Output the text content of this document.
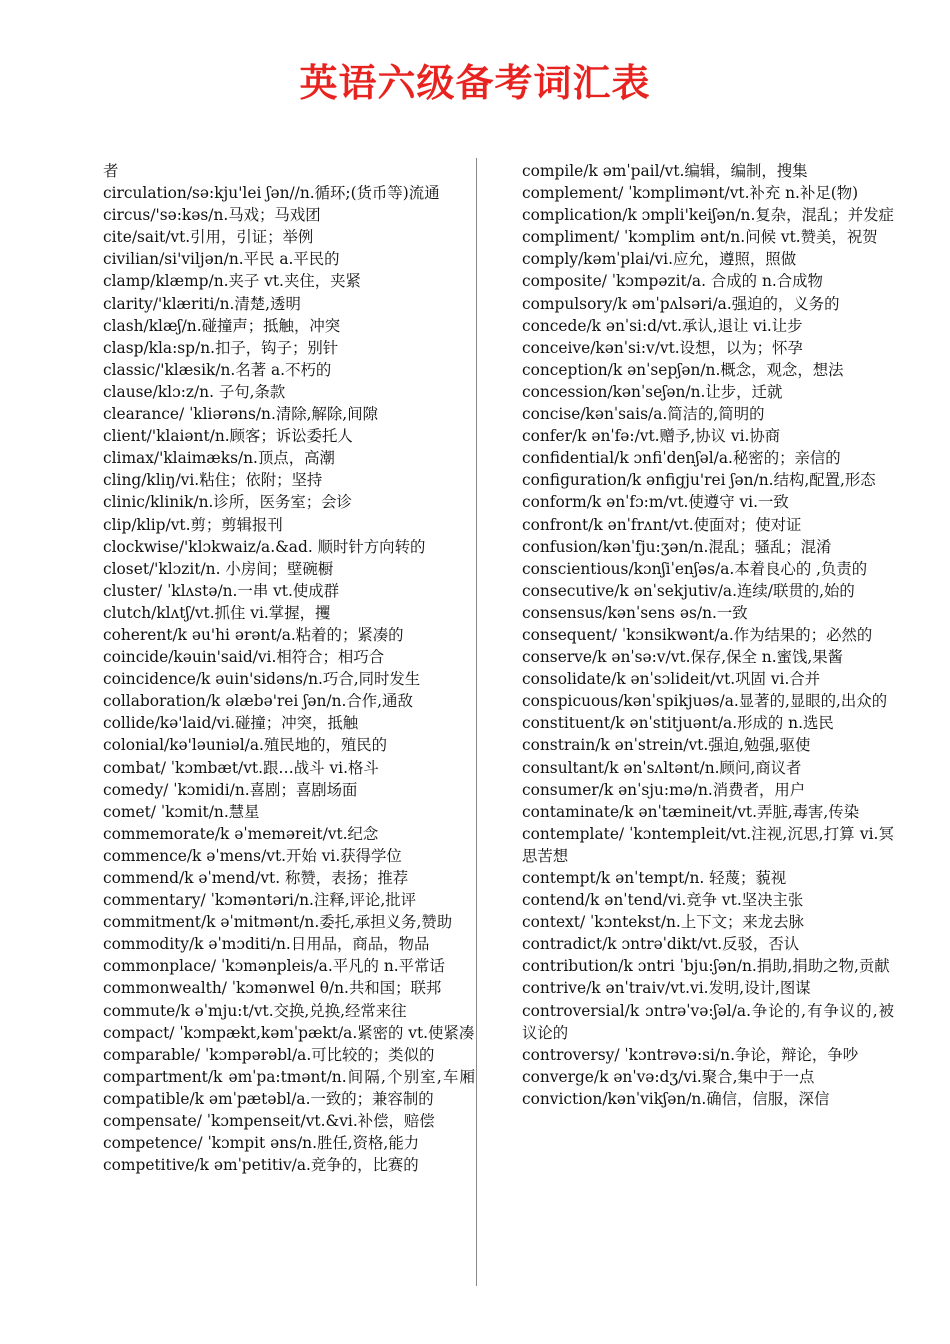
英语六级备考词汇表

者

circulation/sə:kju'lei ʃən//n.循环;(货币等)流通

circus/'sə:kəs/n.马戏；马戏团

cite/sait/vt.引用，引证；举例

civilian/si'viljən/n.平民 a.平民的

clamp/klæmp/n.夹子 vt.夹住，夹紧

clarity/'klæriti/n.清楚,透明

clash/klæʃ/n.碰撞声；抵触，冲突

clasp/kla:sp/n.扣子，钩子；别针

classic/'klæsik/n.名著 a.不朽的

clause/klɔ:z/n. 子句,条款

clearance/ ˈkliərəns/n.清除,解除,间隙

client/'klaiənt/n.顾客；诉讼委托人

climax/'klaimæks/n.顶点，高潮

cling/kliŋ/vi.粘住；依附；坚持

clinic/klinik/n.诊所，医务室；会诊

clip/klip/vt.剪；剪辑报刊

clockwise/'klɔkwaiz/a.&ad. 顺时针方向转的

closet/'klɔzit/n. 小房间；壁碗橱

cluster/ ˈklʌstə/n.一串 vt.使成群

clutch/klʌtʃ/vt.抓住 vi.掌握，攫

coherent/k əu'hi ərənt/a.粘着的；紧凑的

coincide/kəuin'said/vi.相符合；相巧合

coincidence/k əuin'sidəns/n.巧合,同时发生

collaboration/k əlæbə'rei ʃən/n.合作,通敌

collide/kə'laid/vi.碰撞；冲突，抵触

colonial/kə'ləuniəl/a.殖民地的，殖民的

combat/ ˈkɔmbæt/vt.跟…战斗 vi.格斗

comedy/ ˈkɔmidi/n.喜剧；喜剧场面

comet/ ˈkɔmit/n.慧星

commemorate/k əˈmeməreit/vt.纪念

commence/k əˈmens/vt.开始 vi.获得学位

commend/k əˈmend/vt. 称赞，表扬；推荐

commentary/ ˈkɔməntəri/n.注释,评论,批评

commitment/k əˈmitmənt/n.委托,承担义务,赞助

commodity/k əˈmɔditi/n.日用品，商品，物品

commonplace/ ˈkɔmənpleis/a.平凡的 n.平常话

commonwealth/ ˈkɔmənwel θ/n.共和国；联邦

commute/k əˈmju:t/vt.交换,兑换,经常来往

compact/ ˈkɔmpækt,kəmˈpækt/a.紧密的 vt.使紧凑

comparable/ ˈkɔmpərəbl/a.可比较的；类似的

compartment/k əmˈpa:tmənt/n.间隔,个别室,车厢 compatible/k əmˈpætəbl/a.一致的；兼容制的

compensate/ ˈkɔmpenseit/vt.&vi.补偿，赔偿

competence/ ˈkɔmpit əns/n.胜任,资格,能力

competitive/k əmˈpetitiv/a.竞争的，比赛的

compile/k əmˈpail/vt.编辑，编制，搜集

complement/ ˈkɔmplimənt/vt.补充 n.补足(物)

complication/k ɔmpli'keiʃən/n.复杂，混乱；并发症

compliment/ ˈkɔmplim ənt/n.问候 vt.赞美，祝贺

comply/kəmˈplai/vi.应允，遵照，照做

composite/ ˈkɔmpəzit/a. 合成的 n.合成物

compulsory/k əmˈpʌlsəri/a.强迫的，义务的

concede/k ənˈsi:d/vt.承认,退让 vi.让步

conceive/kənˈsi:v/vt.设想，以为；怀孕

conception/k ənˈsepʃən/n.概念，观念，想法

concession/kənˈseʃən/n.让步，迁就

concise/kənˈsais/a.简洁的,简明的

confer/k ənˈfə:/vt.赠予,协议 vi.协商

confidential/k ɔnfiˈdenʃəl/a.秘密的；亲信的

configuration/k ənfigju'rei ʃən/n.结构,配置,形态

conform/k ənˈfɔ:m/vt.使遵守 vi.一致

confront/k ənˈfrʌnt/vt.使面对；使对证

confusion/kənˈfju:ʒən/n.混乱；骚乱；混淆

conscientious/kɔnʃiˈenʃəs/a.本着良心的 ,负责的

consecutive/k ənˈsekjutiv/a.连续/联贯的,始的

consensus/kənˈsens əs/n.一致

consequent/ ˈkɔnsikwənt/a.作为结果的；必然的

conserve/k ənˈsə:v/vt.保存,保全 n.蜜饯,果酱

consolidate/k ənˈsɔlideit/vt.巩固 vi.合并

conspicuous/kənˈspikjuəs/a.显著的,显眼的,出众的

constituent/k ənˈstitjuənt/a.形成的 n.选民

constrain/k ənˈstrein/vt.强迫,勉强,驱使

consultant/k ənˈsʌltənt/n.顾问,商议者

consumer/k ənˈsju:mə/n.消费者，用户

contaminate/k ənˈtæmineit/vt.弄脏,毒害,传染

contemplate/ ˈkɔntempleit/vt.注视,沉思,打算 vi.冥思苦想

contempt/k ənˈtempt/n. 轻蔑；藐视

contend/k ənˈtend/vi.竞争 vt.坚决主张

context/ ˈkɔntekst/n.上下文；来龙去脉

contradict/k ɔntrəˈdikt/vt.反驳，否认

contribution/k ɔntri ˈbju:ʃən/n.捐助,捐助之物,贡献

contrive/k ənˈtraiv/vt.vi.发明,设计,图谋

controversial/k ɔntrəˈvə:ʃəl/a.争论的,有争议的,被议论的

controversy/ ˈkɔntrəvə:si/n.争论，辩论，争吵

converge/k ənˈvə:dʒ/vi.聚合,集中于一点

conviction/kənˈvikʃən/n.确信，信服，深信
